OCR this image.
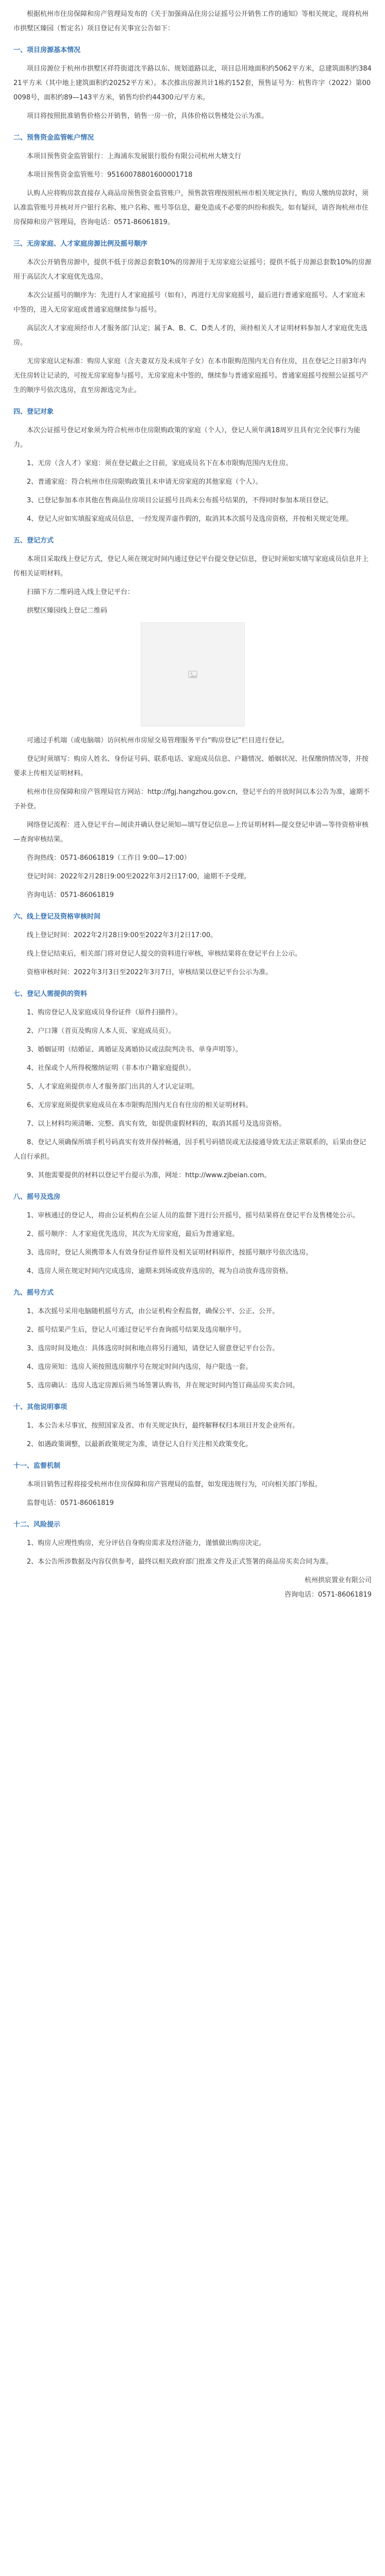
根据杭州市住房保障和房产管理局发布的《关于加强商品住房公证摇号公开销售工作的通知》等相关规定，现将杭州市拱墅区臻园（暂定名）项目登记有关事宜公告如下：

一、项目房源基本情况

项目房源位于杭州市拱墅区祥符街道沈半路以东、规划道路以北，项目总用地面积约5062平方米，总建筑面积约38421平方米（其中地上建筑面积约20252平方米）。本次推出房源共计1栋约152套，预售证号为：杭售许字（2022）第000098号，面积约89—143平方米，销售均价约44300元/平方米。

项目将按照批准销售价格公开销售，销售一房一价，具体价格以售楼处公示为准。

二、预售资金监管帐户情况

本项目预售资金监管银行：上海浦东发展银行股份有限公司杭州大塘支行

本项目预售资金监管账号：95160078801600001718

认购人应将购房款直接存入商品房预售资金监管账户，预售款管理按照杭州市相关规定执行，购房人缴纳房款时，须认准监管账号并核对开户银行名称、账户名称、账号等信息，避免造成不必要的纠纷和损失。如有疑问，请咨询杭州市住房保障和房产管理局，咨询电话：0571-86061819。

三、无房家庭、人才家庭房源比例及摇号顺序

本次公开销售房源中，提供不低于房源总套数10%的房源用于无房家庭公证摇号；提供不低于房源总套数10%的房源用于高层次人才家庭优先选房。

本次公证摇号的顺序为：先进行人才家庭摇号（如有），再进行无房家庭摇号，最后进行普通家庭摇号。人才家庭未中签的，进入无房家庭或普通家庭继续参与摇号。

高层次人才家庭须经市人才服务部门认定；属于A、B、C、D类人才的，须持相关人才证明材料参加人才家庭优先选房。

无房家庭认定标准：购房人家庭（含夫妻双方及未成年子女）在本市限购范围内无自有住房，且在登记之日前3年内无住房转让记录的，可按无房家庭参与摇号。无房家庭未中签的，继续参与普通家庭摇号。普通家庭摇号按照公证摇号产生的顺序号依次选房，直至房源选完为止。

四、登记对象

本次公证摇号登记对象须为符合杭州市住房限购政策的家庭（个人），登记人须年满18周岁且具有完全民事行为能力。

1、无房（含人才）家庭：须在登记截止之日前，家庭成员名下在本市限购范围内无住房。

2、普通家庭：符合杭州市住房限购政策且未申请无房家庭的其他家庭（个人）。

3、已登记参加本市其他在售商品住房项目公证摇号且尚未公布摇号结果的，不得同时参加本项目登记。

4、登记人应如实填报家庭成员信息，一经发现弄虚作假的，取消其本次摇号及选房资格，并按相关规定处理。

五、登记方式

本项目采取线上登记方式，登记人须在规定时间内通过登记平台提交登记信息，登记时须如实填写家庭成员信息并上传相关证明材料。

扫描下方二维码进入线上登记平台：

拱墅区臻园线上登记二维码

可通过手机端（或电脑端）访问杭州市房屋交易管理服务平台“购房登记”栏目进行登记。

登记时须填写：购房人姓名、身份证号码、联系电话、家庭成员信息、户籍情况、婚姻状况、社保缴纳情况等，并按要求上传相关证明材料。

杭州市住房保障和房产管理局官方网站：http://fgj.hangzhou.gov.cn，登记平台的开放时间以本公告为准，逾期不予补登。

网络登记流程：进入登记平台—阅读并确认登记须知—填写登记信息—上传证明材料—提交登记申请—等待资格审核—查询审核结果。

咨询热线：0571-86061819（工作日 9:00—17:00）

登记时间：2022年2月28日9:00至2022年3月2日17:00，逾期不予受理。

咨询电话：0571-86061819

六、线上登记及资格审核时间

线上登记时间：2022年2月28日9:00至2022年3月2日17:00。

线上登记结束后，相关部门将对登记人提交的资料进行审核，审核结果将在登记平台上公示。

资格审核时间：2022年3月3日至2022年3月7日，审核结果以登记平台公示为准。

七、登记人需提供的资料

1、购房登记人及家庭成员身份证件（原件扫描件）。

2、户口簿（首页及购房人本人页、家庭成员页）。

3、婚姻证明（结婚证、离婚证及离婚协议或法院判决书、单身声明等）。

4、社保或个人所得税缴纳证明（非本市户籍家庭提供）。

5、人才家庭须提供市人才服务部门出具的人才认定证明。

6、无房家庭须提供家庭成员在本市限购范围内无自有住房的相关证明材料。

7、以上材料均须清晰、完整、真实有效，如提供虚假材料的，取消其摇号及选房资格。

8、登记人须确保所填手机号码真实有效并保持畅通，因手机号码错误或无法接通导致无法正常联系的，后果由登记人自行承担。

9、其他需要提供的材料以登记平台提示为准，网址：http://www.zjbeian.com。

八、摇号及选房

1、审核通过的登记人，将由公证机构在公证人员的监督下进行公开摇号，摇号结果将在登记平台及售楼处公示。

2、摇号顺序：人才家庭优先选房，其次为无房家庭，最后为普通家庭。

3、选房时，登记人须携带本人有效身份证件原件及相关证明材料原件，按摇号顺序号依次选房。

4、选房人须在规定时间内完成选房，逾期未到场或放弃选房的，视为自动放弃选房资格。

九、摇号方式

1、本次摇号采用电脑随机摇号方式，由公证机构全程监督，确保公平、公正、公开。

2、摇号结果产生后，登记人可通过登记平台查询摇号结果及选房顺序号。

3、选房时间及地点：具体选房时间和地点将另行通知，请登记人留意登记平台公告。

4、选房须知：选房人须按照选房顺序号在规定时间内选房，每户限选一套。

5、选房确认：选房人选定房源后须当场签署认购书，并在规定时间内签订商品房买卖合同。

十、其他说明事项

1、本公告未尽事宜，按照国家及省、市有关规定执行，最终解释权归本项目开发企业所有。

2、如遇政策调整，以最新政策规定为准，请登记人自行关注相关政策变化。

十一、监督机制

本项目销售过程将接受杭州市住房保障和房产管理局的监督，如发现违规行为，可向相关部门举报。

监督电话：0571-86061819

十二、风险提示

1、购房人应理性购房，充分评估自身购房需求及经济能力，谨慎做出购房决定。

2、本公告所涉数据及内容仅供参考，最终以相关政府部门批准文件及正式签署的商品房买卖合同为准。

杭州拱宸置业有限公司

咨询电话：0571-86061819
